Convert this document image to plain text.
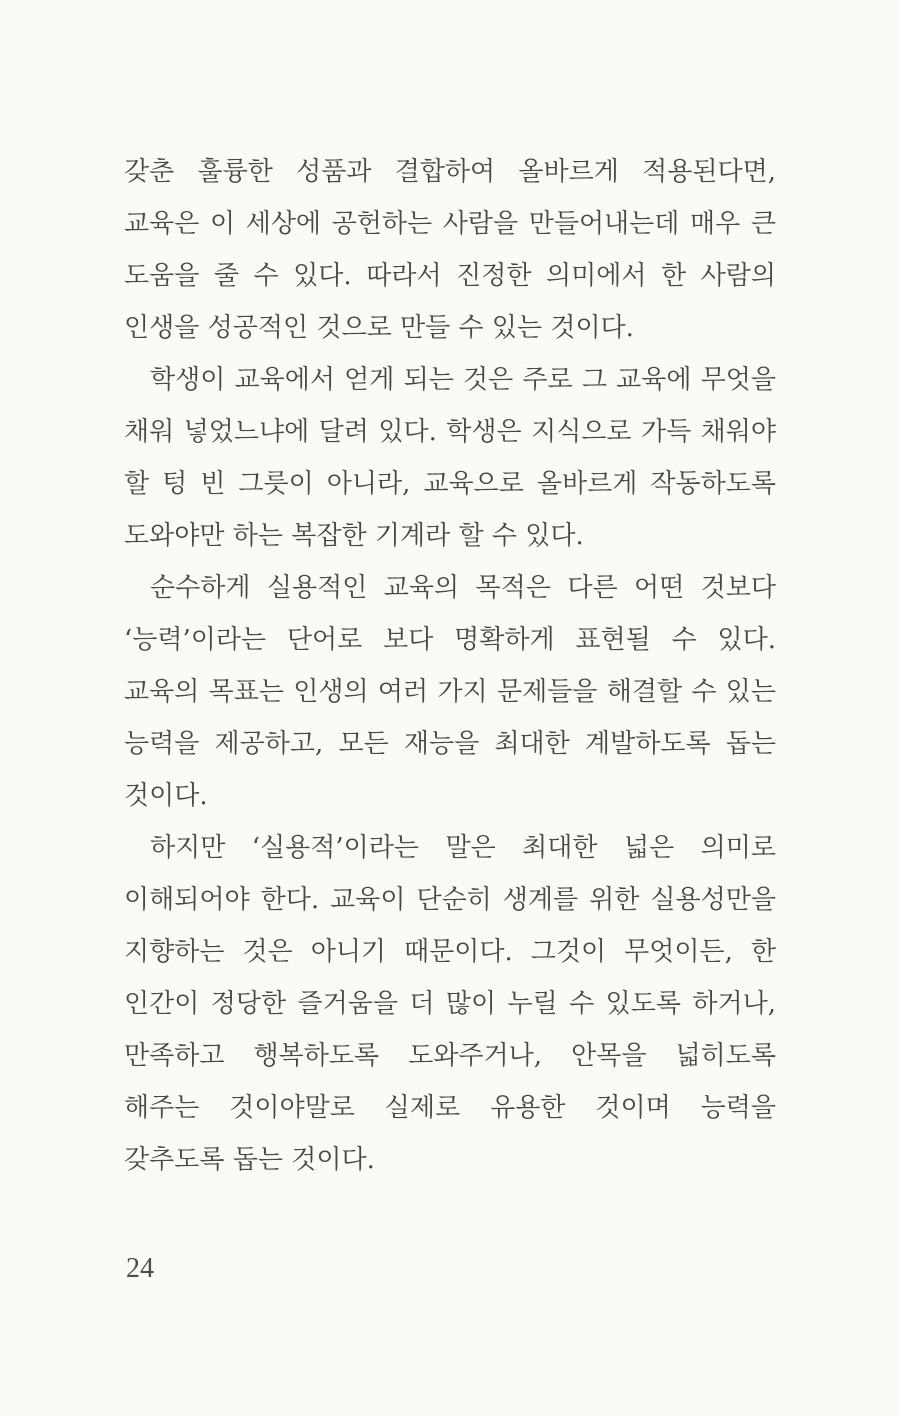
갖춘 훌륭한 성품과 결합하여 올바르게 적용된다면, 교육은 이 세상에 공헌하는 사람을 만들어내는데 매우 큰 도움을 줄 수 있다. 따라서 진정한 의미에서 한 사람의 인생을 성공적인 것으로 만들 수 있는 것이다.

학생이 교육에서 얻게 되는 것은 주로 그 교육에 무엇을 채워 넣었느냐에 달려 있다. 학생은 지식으로 가득 채워야 할 텅 빈 그릇이 아니라, 교육으로 올바르게 작동하도록 도와야만 하는 복잡한 기계라 할 수 있다.

순수하게 실용적인 교육의 목적은 다른 어떤 것보다 ‘능력’이라는 단어로 보다 명확하게 표현될 수 있다. 교육의 목표는 인생의 여러 가지 문제들을 해결할 수 있는 능력을 제공하고, 모든 재능을 최대한 계발하도록 돕는 것이다.

하지만 ‘실용적’이라는 말은 최대한 넓은 의미로 이해되어야 한다. 교육이 단순히 생계를 위한 실용성만을 지향하는 것은 아니기 때문이다. 그것이 무엇이든, 한 인간이 정당한 즐거움을 더 많이 누릴 수 있도록 하거나, 만족하고 행복하도록 도와주거나, 안목을 넓히도록 해주는 것이야말로 실제로 유용한 것이며 능력을 갖추도록 돕는 것이다.

24
